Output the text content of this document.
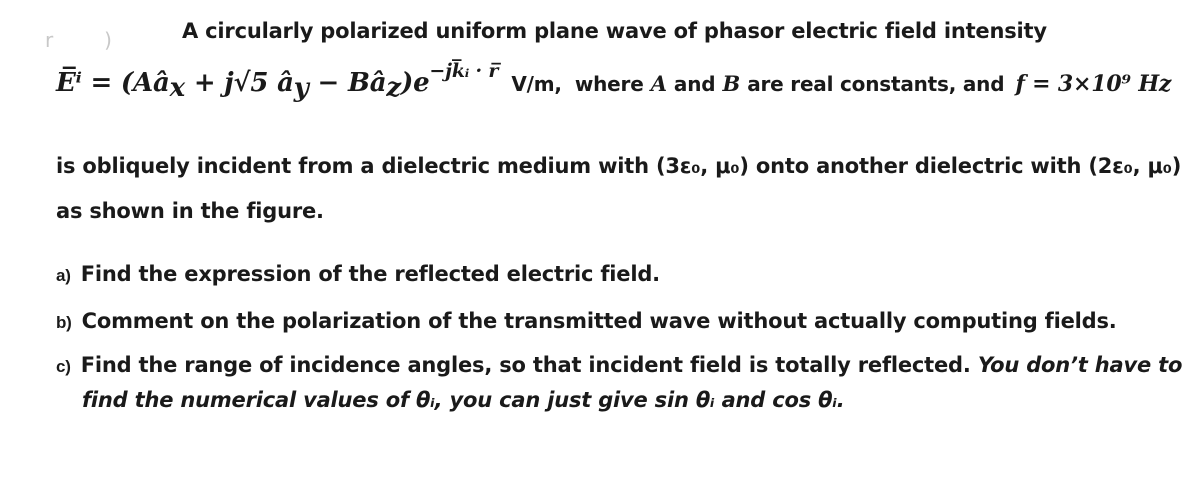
r        )	A circularly polarized uniform plane wave of phasor electric field intensity
E̅ⁱ = ($Aâ_x + j√5$ $â_y$ − $Bâ_z)e-jk̅ᵢ$ · r̅ V/m, where A and B are real constants, and f = 3×10⁹ Hz
is obliquely incident from a dielectric medium with (3ε₀, μ₀) onto another dielectric with (2ε₀, μ₀)
as shown in the figure.
a) Find the expression of the reflected electric field.
b) Comment on the polarization of the transmitted wave without actually computing fields.
c) Find the range of incidence angles, so that incident field is totally reflected. You don’t have to
find the numerical values of θᵢ, you can just give sin θᵢ and cos θᵢ.
